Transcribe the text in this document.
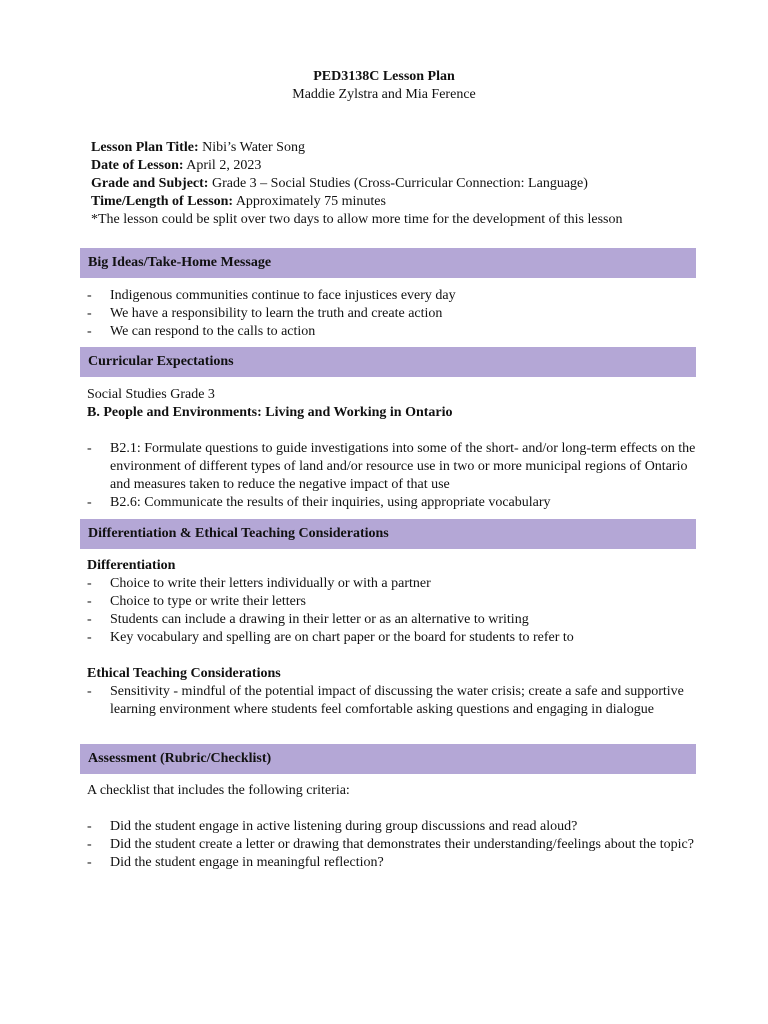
PED3138C Lesson Plan
Maddie Zylstra and Mia Ference
Lesson Plan Title: Nibi’s Water Song
Date of Lesson: April 2, 2023
Grade and Subject: Grade 3 – Social Studies (Cross-Curricular Connection: Language)
Time/Length of Lesson: Approximately 75 minutes
*The lesson could be split over two days to allow more time for the development of this lesson
Big Ideas/Take-Home Message
- Indigenous communities continue to face injustices every day
- We have a responsibility to learn the truth and create action
- We can respond to the calls to action
Curricular Expectations
Social Studies Grade 3
B. People and Environments: Living and Working in Ontario
- B2.1: Formulate questions to guide investigations into some of the short- and/or long-term effects on the environment of different types of land and/or resource use in two or more municipal regions of Ontario and measures taken to reduce the negative impact of that use
- B2.6: Communicate the results of their inquiries, using appropriate vocabulary
Differentiation & Ethical Teaching Considerations
Differentiation
- Choice to write their letters individually or with a partner
- Choice to type or write their letters
- Students can include a drawing in their letter or as an alternative to writing
- Key vocabulary and spelling are on chart paper or the board for students to refer to
Ethical Teaching Considerations
- Sensitivity - mindful of the potential impact of discussing the water crisis; create a safe and supportive learning environment where students feel comfortable asking questions and engaging in dialogue
Assessment (Rubric/Checklist)
A checklist that includes the following criteria:
- Did the student engage in active listening during group discussions and read aloud?
- Did the student create a letter or drawing that demonstrates their understanding/feelings about the topic?
- Did the student engage in meaningful reflection?
